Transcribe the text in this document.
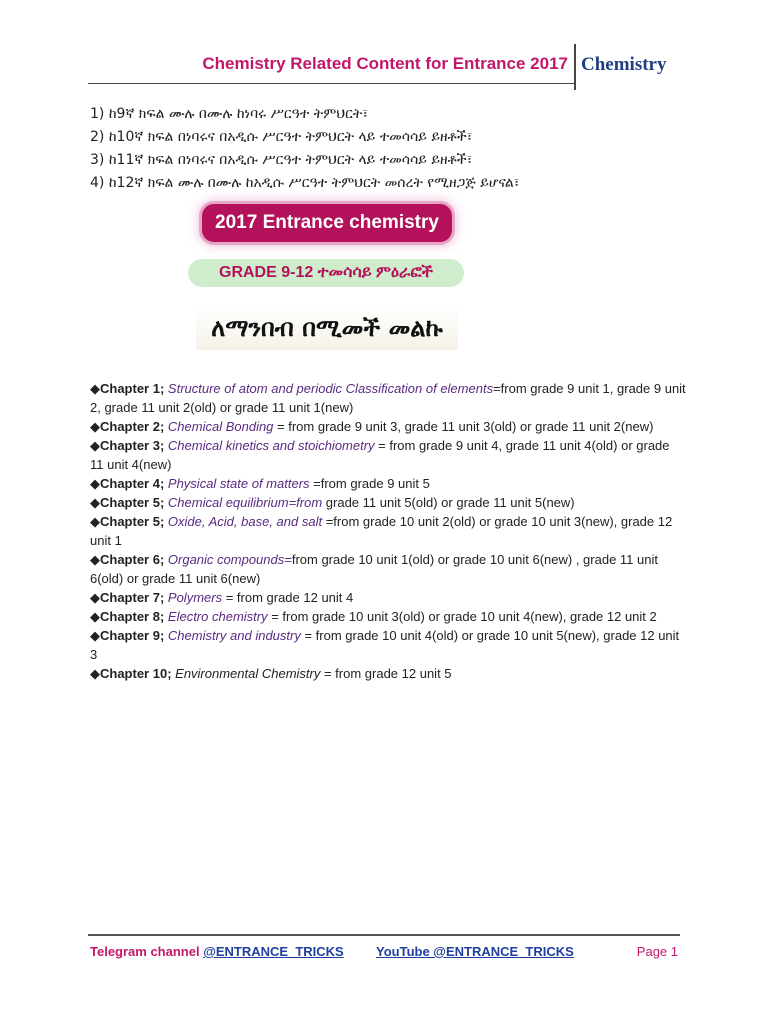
Chemistry Related Content for Entrance 2017 Chemistry
1) ከ9ኛ ክፍል ሙሉ በሙሉ ከነባሩ ሥርዓተ ትምህርት፣
2) ከ10ኛ ክፍል በነባሩና በአዲሱ ሥርዓተ ትምህርት ላይ ተመሳሳይ ይዘቶች፣
3) ከ11ኛ ክፍል በነባሩና በአዲሱ ሥርዓተ ትምህርት ላይ ተመሳሳይ ይዘቶች፣
4) ከ12ኛ ክፍል ሙሉ በሙሉ ከአዲሱ ሥርዓተ ትምህርት መሰረት የሚዘጋጅ ይሆናል፣
2017 Entrance chemistry
GRADE 9-12 ተመሳሳይ ምዕራፎች
ለማንበብ በሚመች መልኩ
◆Chapter 1; Structure of atom and periodic Classification of elements=from grade 9 unit 1, grade 9 unit 2, grade 11 unit 2(old) or grade 11 unit 1(new)
◆Chapter 2; Chemical Bonding = from grade 9 unit 3, grade 11 unit 3(old) or grade 11 unit 2(new)
◆Chapter 3; Chemical kinetics and stoichiometry = from grade 9 unit 4, grade 11 unit 4(old) or grade 11 unit 4(new)
◆Chapter 4; Physical state of matters =from grade 9 unit 5
◆Chapter 5; Chemical equilibrium=from grade 11 unit 5(old) or grade 11 unit 5(new)
◆Chapter 5; Oxide, Acid, base, and salt =from grade 10 unit 2(old) or grade 10 unit 3(new), grade 12 unit 1
◆Chapter 6; Organic compounds=from grade 10 unit 1(old) or grade 10 unit 6(new) , grade 11 unit 6(old) or grade 11 unit 6(new)
◆Chapter 7; Polymers = from grade 12 unit 4
◆Chapter 8; Electro chemistry = from grade 10 unit 3(old) or grade 10 unit 4(new), grade 12 unit 2
◆Chapter 9; Chemistry and industry = from grade 10 unit 4(old) or grade 10 unit 5(new), grade 12 unit 3
◆Chapter 10; Environmental Chemistry = from grade 12 unit 5
Telegram channel @ENTRANCE_TRICKS YouTube @ENTRANCE_TRICKS	Page 1
